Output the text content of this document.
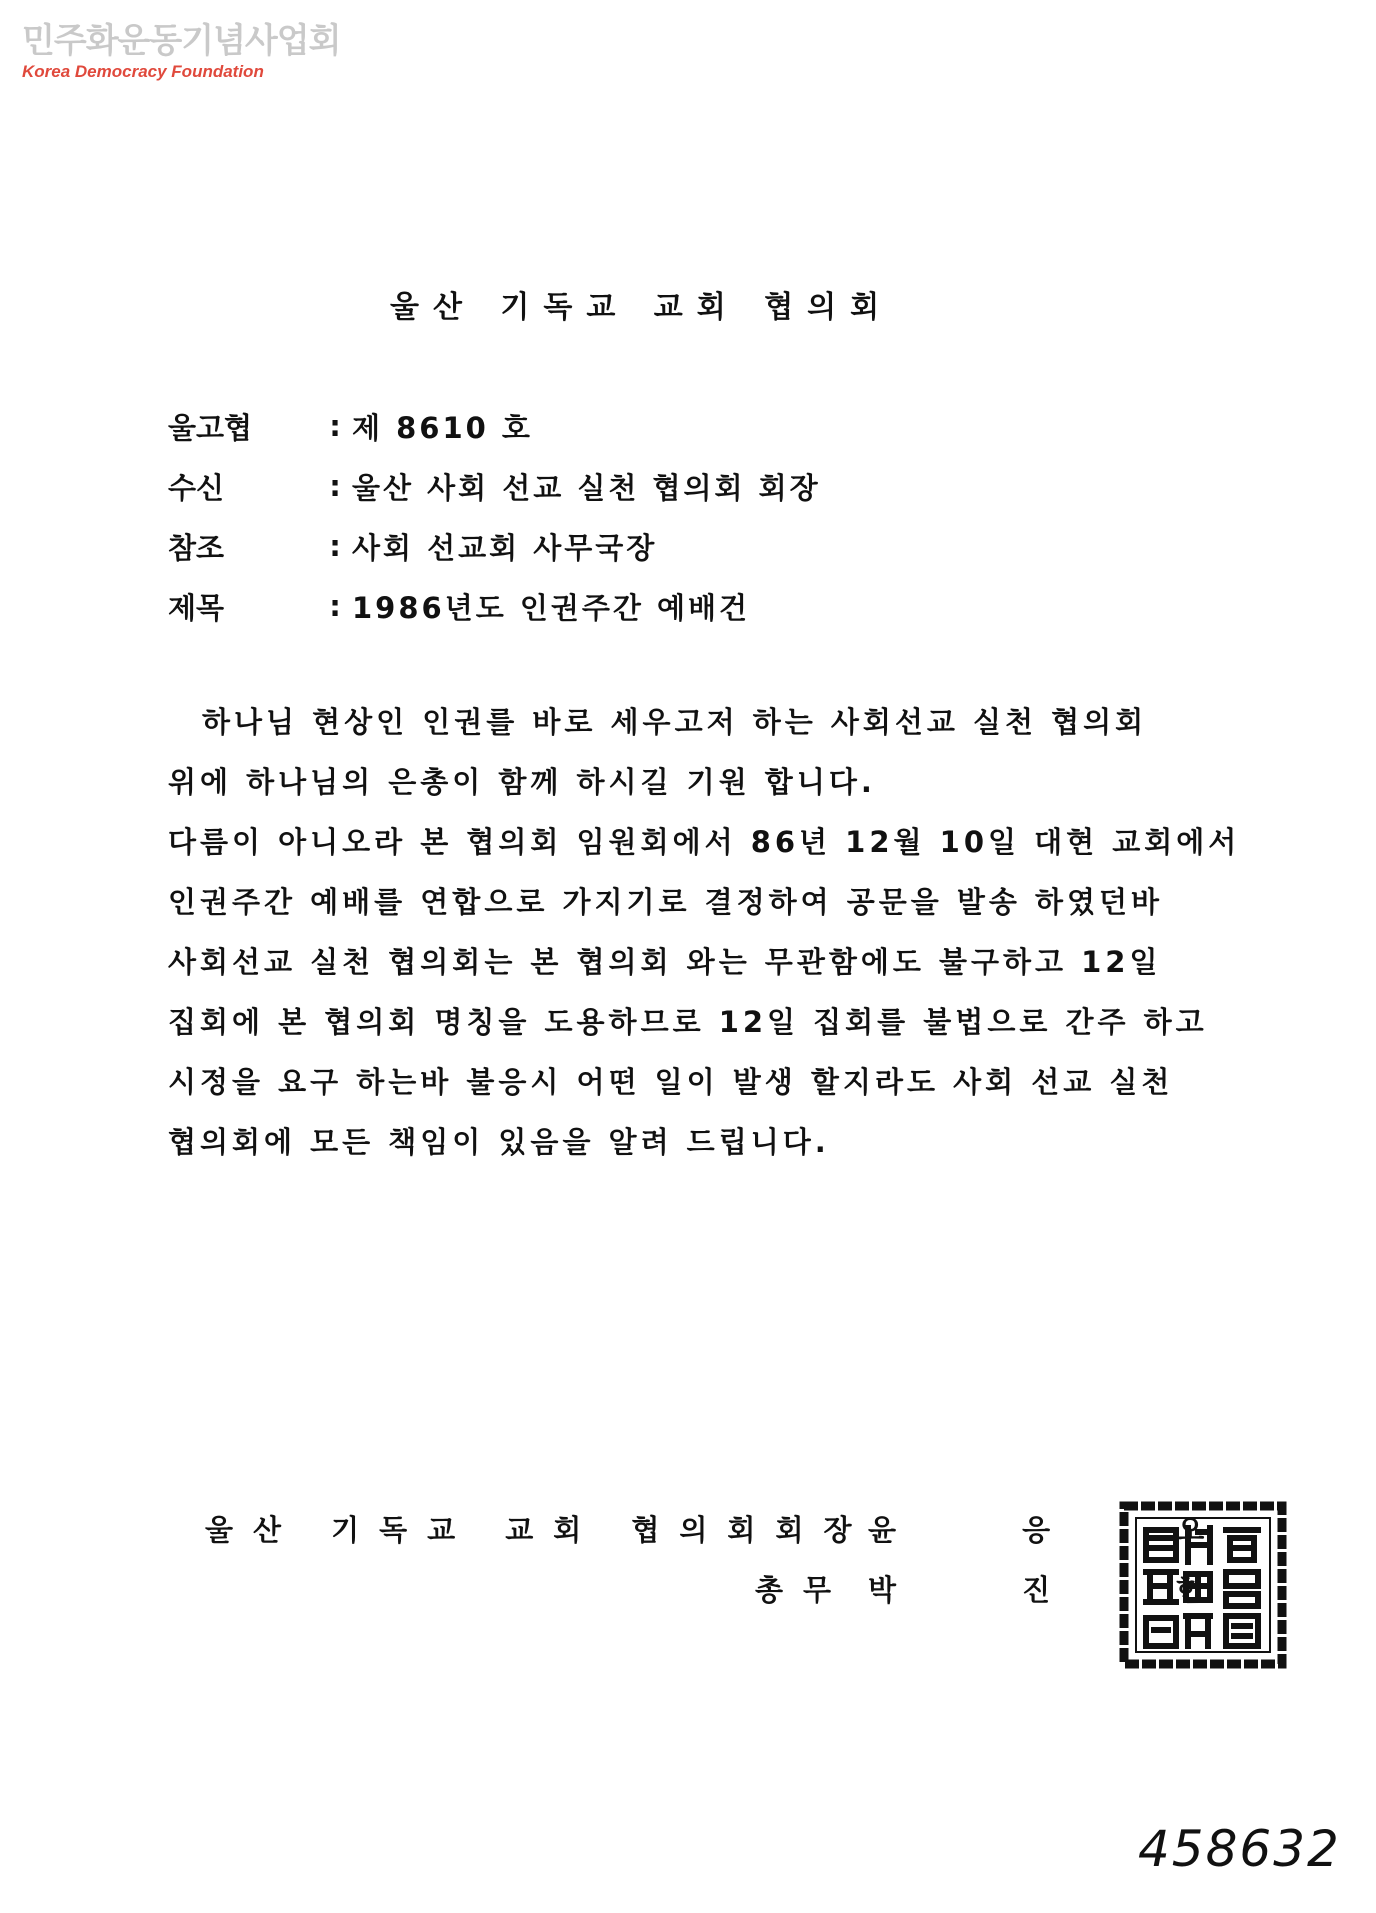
민주화운동기념사업회
Korea Democracy Foundation
울산 기독교 교회 협의회
울고협	: 제 8610 호
수신	: 울산 사회 선교 실천 협의회 회장
참조	: 사회 선교회 사무국장
제목	: 1986년도 인권주간 예배건
하나님 현상인 인권를 바로 세우고저 하는 사회선교 실천 협의회
위에 하나님의 은총이 함께 하시길 기원 합니다.
다름이 아니오라 본 협의회 임원회에서 86년 12월 10일 대현 교회에서
인권주간 예배를 연합으로 가지기로 결정하여 공문을 발송 하였던바
사회선교 실천 협의회는 본 협의회 와는 무관함에도 불구하고 12일
집회에 본 협의회 명칭을 도용하므로 12일 집회를 불법으로 간주 하고
시정을 요구 하는바 불응시 어떤 일이 발생 할지라도 사회 선교 실천
협의회에 모든 책임이 있음을 알려 드립니다.
울산 기독교 교회 협의회회장
윤 응 오
총무 박 진 한
458632
